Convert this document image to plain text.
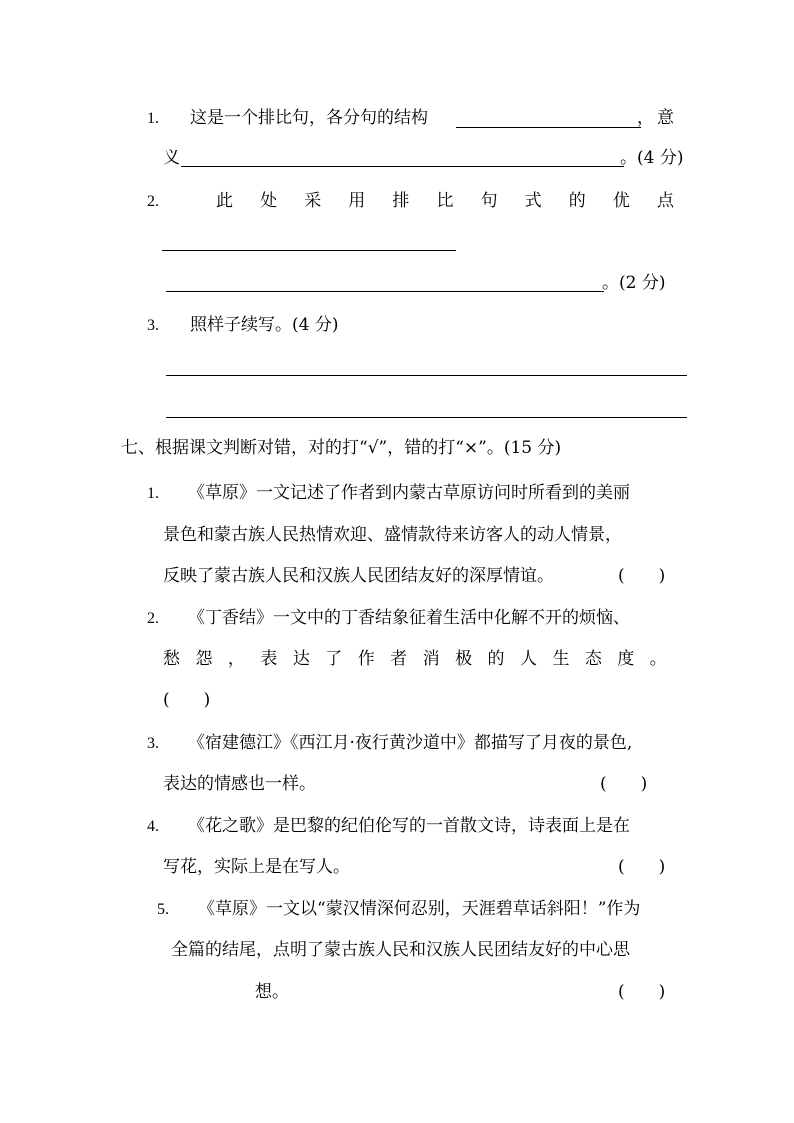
1. 这是一个排比句，各分句的结构	， 意
义	。(4 分)
2.	此 处 采 用 排 比 句 式 的 优 点
。(2 分)
3. 照样子续写。(4 分)
七、根据课文判断对错，对的打“√”，错的打“×”。(15 分)
1. 《草原》一文记述了作者到内蒙古草原访问时所看到的美丽
景色和蒙古族人民热情欢迎、盛情款待来访客人的动人情景，
反映了蒙古族人民和汉族人民团结友好的深厚情谊。	(　　)
2. 《丁香结》一文中的丁香结象征着生活中化解不开的烦恼、
愁 怨 ， 表 达 了 作 者 消 极 的 人 生 态 度 。
(　　)
3. 《宿建德江》《西江月·夜行黄沙道中》都描写了月夜的景色,
表达的情感也一样。	(　　)
4. 《花之歌》是巴黎的纪伯伦写的一首散文诗，诗表面上是在
写花，实际上是在写人。	(　　)
5. 《草原》一文以“蒙汉情深何忍别，天涯碧草话斜阳！”作为
全篇的结尾，点明了蒙古族人民和汉族人民团结友好的中心思
想。	(　　)
